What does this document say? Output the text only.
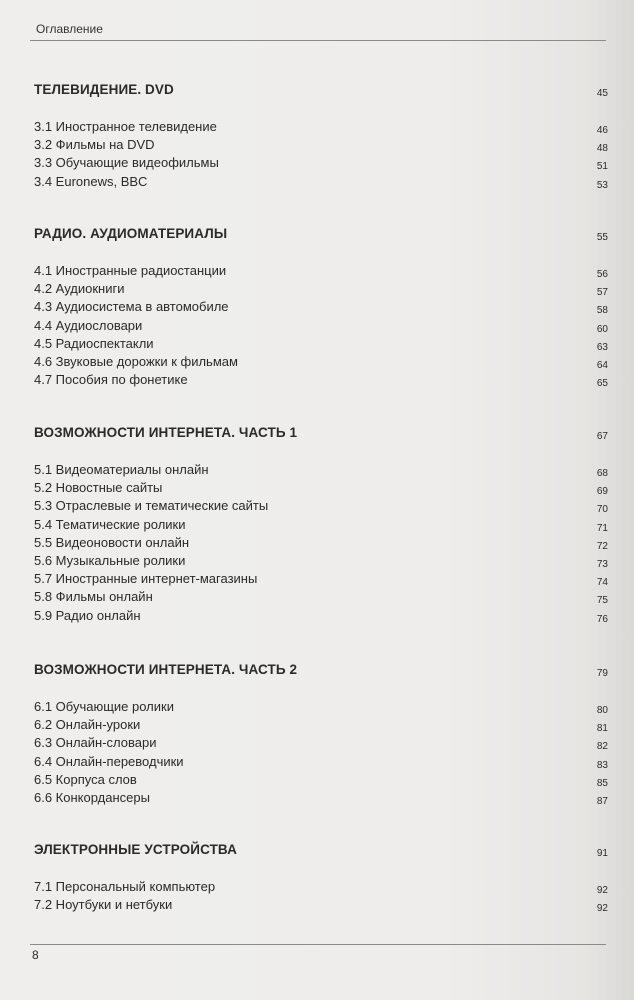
Оглавление
ТЕЛЕВИДЕНИЕ. DVD	45
3.1 Иностранное телевидение	46
3.2 Фильмы на DVD	48
3.3 Обучающие видеофильмы	51
3.4 Euronews, BBC	53
РАДИО. АУДИОМАТЕРИАЛЫ	55
4.1 Иностранные радиостанции	56
4.2 Аудиокниги	57
4.3 Аудиосистема в автомобиле	58
4.4 Аудиословари	60
4.5 Радиоспектакли	63
4.6 Звуковые дорожки к фильмам	64
4.7 Пособия по фонетике	65
ВОЗМОЖНОСТИ ИНТЕРНЕТА. ЧАСТЬ 1	67
5.1 Видеоматериалы онлайн	68
5.2 Новостные сайты	69
5.3 Отраслевые и тематические сайты	70
5.4 Тематические ролики	71
5.5 Видеоновости онлайн	72
5.6 Музыкальные ролики	73
5.7 Иностранные интернет-магазины	74
5.8 Фильмы онлайн	75
5.9 Радио онлайн	76
ВОЗМОЖНОСТИ ИНТЕРНЕТА. ЧАСТЬ 2	79
6.1 Обучающие ролики	80
6.2 Онлайн-уроки	81
6.3 Онлайн-словари	82
6.4 Онлайн-переводчики	83
6.5 Корпуса слов	85
6.6 Конкордансеры	87
ЭЛЕКТРОННЫЕ УСТРОЙСТВА	91
7.1 Персональный компьютер	92
7.2 Ноутбуки и нетбуки	92
8
